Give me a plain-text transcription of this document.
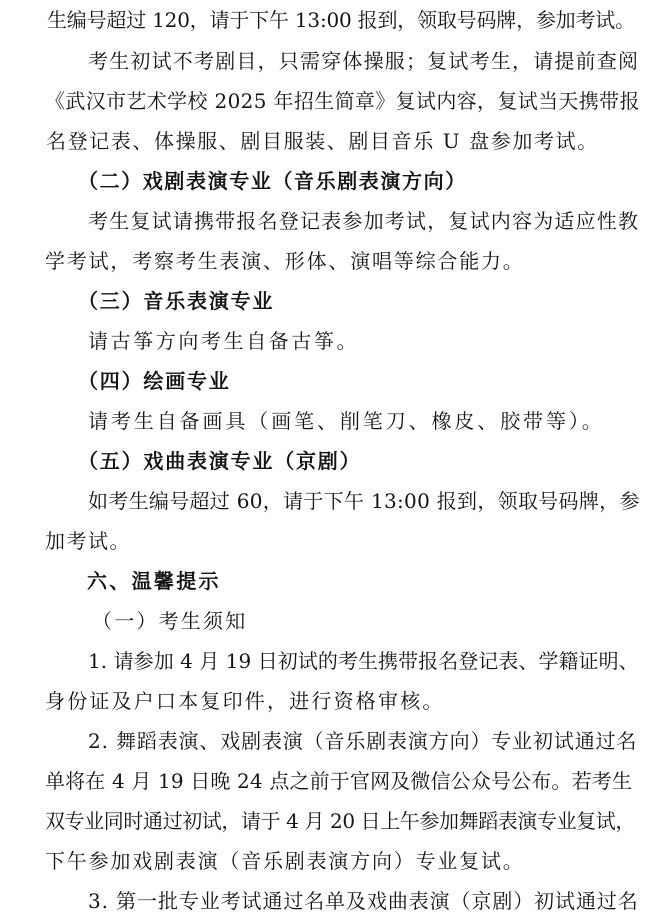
生编号超过 120，请于下午 13:00 报到，领取号码牌，参加考试。
考生初试不考剧目，只需穿体操服；复试考生，请提前查阅
《武汉市艺术学校 2025 年招生简章》复试内容，复试当天携带报
名登记表、体操服、剧目服装、剧目音乐 U 盘参加考试。
（二）戏剧表演专业（音乐剧表演方向）
考生复试请携带报名登记表参加考试，复试内容为适应性教
学考试，考察考生表演、形体、演唱等综合能力。
（三）音乐表演专业
请古筝方向考生自备古筝。
（四）绘画专业
请考生自备画具（画笔、削笔刀、橡皮、胶带等）。
（五）戏曲表演专业（京剧）
如考生编号超过 60，请于下午 13:00 报到，领取号码牌，参
加考试。
六、温馨提示
（一）考生须知
1. 请参加 4 月 19 日初试的考生携带报名登记表、学籍证明、
身份证及户口本复印件，进行资格审核。
2. 舞蹈表演、戏剧表演（音乐剧表演方向）专业初试通过名
单将在 4 月 19 日晚 24 点之前于官网及微信公众号公布。若考生
双专业同时通过初试，请于 4 月 20 日上午参加舞蹈表演专业复试，
下午参加戏剧表演（音乐剧表演方向）专业复试。
3. 第一批专业考试通过名单及戏曲表演（京剧）初试通过名
